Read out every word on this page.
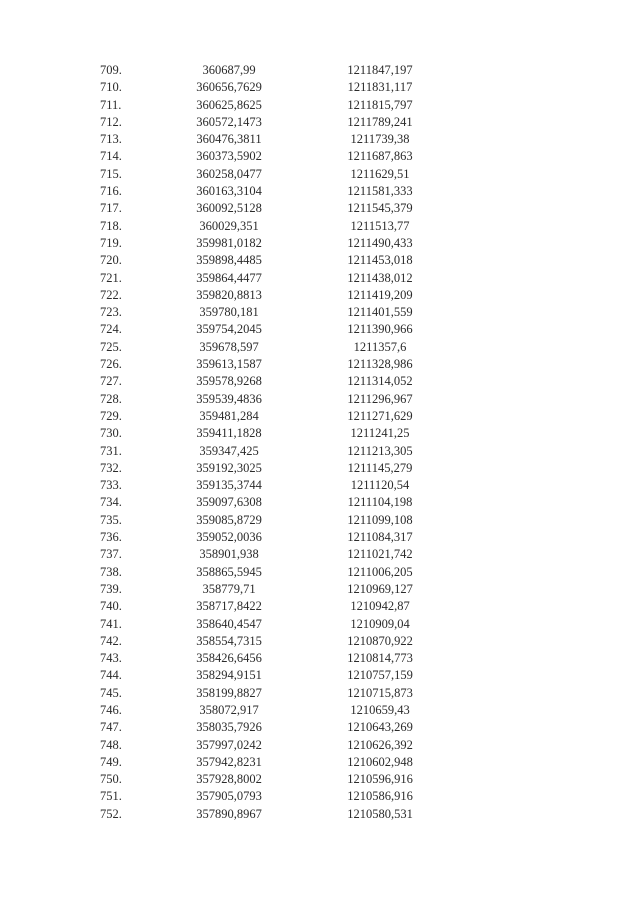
709.	360687,99	1211847,197
710.	360656,7629	1211831,117
711.	360625,8625	1211815,797
712.	360572,1473	1211789,241
713.	360476,3811	1211739,38
714.	360373,5902	1211687,863
715.	360258,0477	1211629,51
716.	360163,3104	1211581,333
717.	360092,5128	1211545,379
718.	360029,351	1211513,77
719.	359981,0182	1211490,433
720.	359898,4485	1211453,018
721.	359864,4477	1211438,012
722.	359820,8813	1211419,209
723.	359780,181	1211401,559
724.	359754,2045	1211390,966
725.	359678,597	1211357,6
726.	359613,1587	1211328,986
727.	359578,9268	1211314,052
728.	359539,4836	1211296,967
729.	359481,284	1211271,629
730.	359411,1828	1211241,25
731.	359347,425	1211213,305
732.	359192,3025	1211145,279
733.	359135,3744	1211120,54
734.	359097,6308	1211104,198
735.	359085,8729	1211099,108
736.	359052,0036	1211084,317
737.	358901,938	1211021,742
738.	358865,5945	1211006,205
739.	358779,71	1210969,127
740.	358717,8422	1210942,87
741.	358640,4547	1210909,04
742.	358554,7315	1210870,922
743.	358426,6456	1210814,773
744.	358294,9151	1210757,159
745.	358199,8827	1210715,873
746.	358072,917	1210659,43
747.	358035,7926	1210643,269
748.	357997,0242	1210626,392
749.	357942,8231	1210602,948
750.	357928,8002	1210596,916
751.	357905,0793	1210586,916
752.	357890,8967	1210580,531
